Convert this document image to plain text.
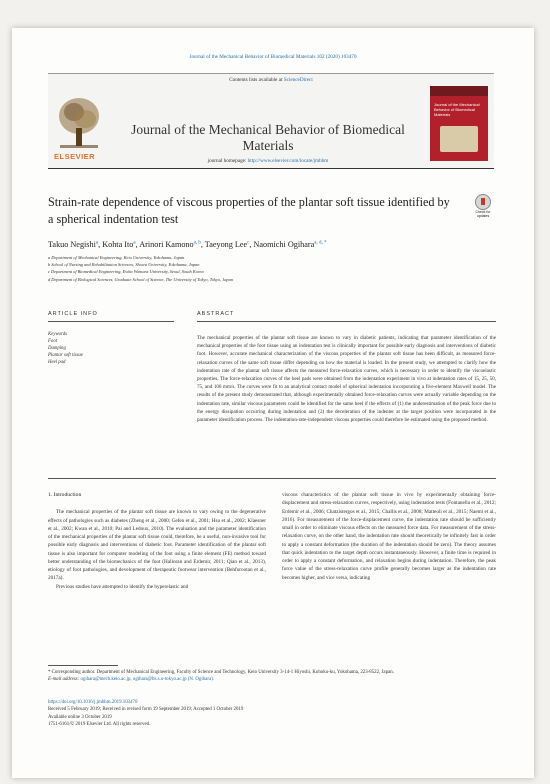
Journal of the Mechanical Behavior of Biomedical Materials 102 (2020) 103470
Contents lists available at ScienceDirect
ELSEVIER
Journal of the Mechanical Behavior of Biomedical Materials
journal homepage: http://www.elsevier.com/locate/jmbbm
Journal of the Mechanical Behavior of Biomedical Materials
Strain-rate dependence of viscous properties of the plantar soft tissue identified by a spherical indentation test	Check for updates
Takuo Negishi$^a$, Kohta Ito$^a$, Arinori Kamono$^{a, b}$, Taeyong Lee$^c$, Naomichi Ogihara$^{a, d, *}$
a Department of Mechanical Engineering, Keio University, Yokohama, Japan
b School of Nursing and Rehabilitation Sciences, Showa University, Yokohama, Japan
c Department of Biomedical Engineering, Ewha Womans University, Seoul, South Korea
d Department of Biological Sciences, Graduate School of Science, The University of Tokyo, Tokyo, Japan
ARTICLE INFO	ABSTRACT
Keywords
Foot
Damping
Plantar soft tissue
Heel pad
The mechanical properties of the plantar soft tissue are known to vary in diabetic patients, indicating that parameter identification of the mechanical properties of the foot tissue using an indentation test is clinically important for possible early diagnosis and interventions of diabetic foot. However, accurate mechanical characterization of the viscous properties of the plantar soft tissue has been difficult, as measured force-relaxation curves of the same soft tissue differ depending on how the material is loaded. In the present study, we attempted to clarify how the indentation rate of the plantar soft tissue affects the measured force-relaxation curves, which is necessary in order to identify the viscoelastic properties. The force-relaxation curves of the heel pads were obtained from the indentation experiment in vivo at indentation rates of 15, 25, 50, 75, and 100 mm/s. The curves were fit to an analytical contact model of spherical indentation incorporating a five-element Maxwell model. The results of the present study demonstrated that, although experimentally obtained force-relaxation curves were actually variable depending on the indentation rate, similar viscous parameters could be identified for the same heel if the effects of (1) the underestimation of the peak force due to the energy dissipation occurring during indentation and (2) the deceleration of the indenter at the target position were incorporated in the parameter identification process. The indentation-rate-independent viscous properties could therefore be estimated using the proposed method.
1. Introduction

The mechanical properties of the plantar soft tissue are known to vary owing to the degenerative effects of pathologies such as diabetes (Zheng et al., 2000; Gefen et al., 2001; Hsu et al., 2002; Klaesner et al., 2002; Kwan et al., 2010; Pai and Ledoux, 2010). The evaluation and the parameter identification of the mechanical properties of the plantar soft tissue could, therefore, be a useful, non-invasive tool for possible early diagnosis and interventions of diabetic foot. Parameter identification of the plantar soft tissue is also important for computer modeling of the foot using a finite element (FE) method toward better understanding of the biomechanics of the foot (Halloran and Erdemir, 2011; Qian et al., 2013), etiology of foot pathologies, and development of therapeutic footwear intervention (Behforootan et al., 2017a).

Previous studies have attempted to identify the hyperelastic and

viscous characteristics of the plantar soft tissue in vivo by experimentally obtaining force-displacement and stress-relaxation curves, respectively, using indentation tests (Fontanella et al., 2012; Erdemir et al., 2006; Chatzistergos et al., 2015; Challis et al., 2008; Matteoli et al., 2015; Naemi et al., 2016). For measurement of the force-displacement curve, the indentation rate should be sufficiently small in order to eliminate viscous effects on the measured force data. For measurement of the stress-relaxation curve, on the other hand, the indentation rate should theoretically be infinitely fast in order to apply a constant deformation (the duration of the indentation should be zero). The theory assumes that quick indentation to the target depth occurs instantaneously. However, a finite time is required in order to apply a constant deformation, and relaxation begins during indentation. Therefore, the peak force value of the stress-relaxation curve profile generally becomes larger as the indentation rate becomes higher, and vice versa, indicating

* Corresponding author. Department of Mechanical Engineering, Faculty of Science and Technology, Keio University 3-14-1 Hiyoshi, Kohoku-ku, Yokohama, 223-8522, Japan.
E-mail address: ogihara@mech.keio.ac.jp, ogihara@bs.s.u-tokyo.ac.jp (N. Ogihara).
https://doi.org/10.1016/j.jmbbm.2019.103470
Received 5 February 2019; Received in revised form 19 September 2019; Accepted 1 October 2019
Available online 3 October 2019
1751-6161/© 2019 Elsevier Ltd. All rights reserved.
